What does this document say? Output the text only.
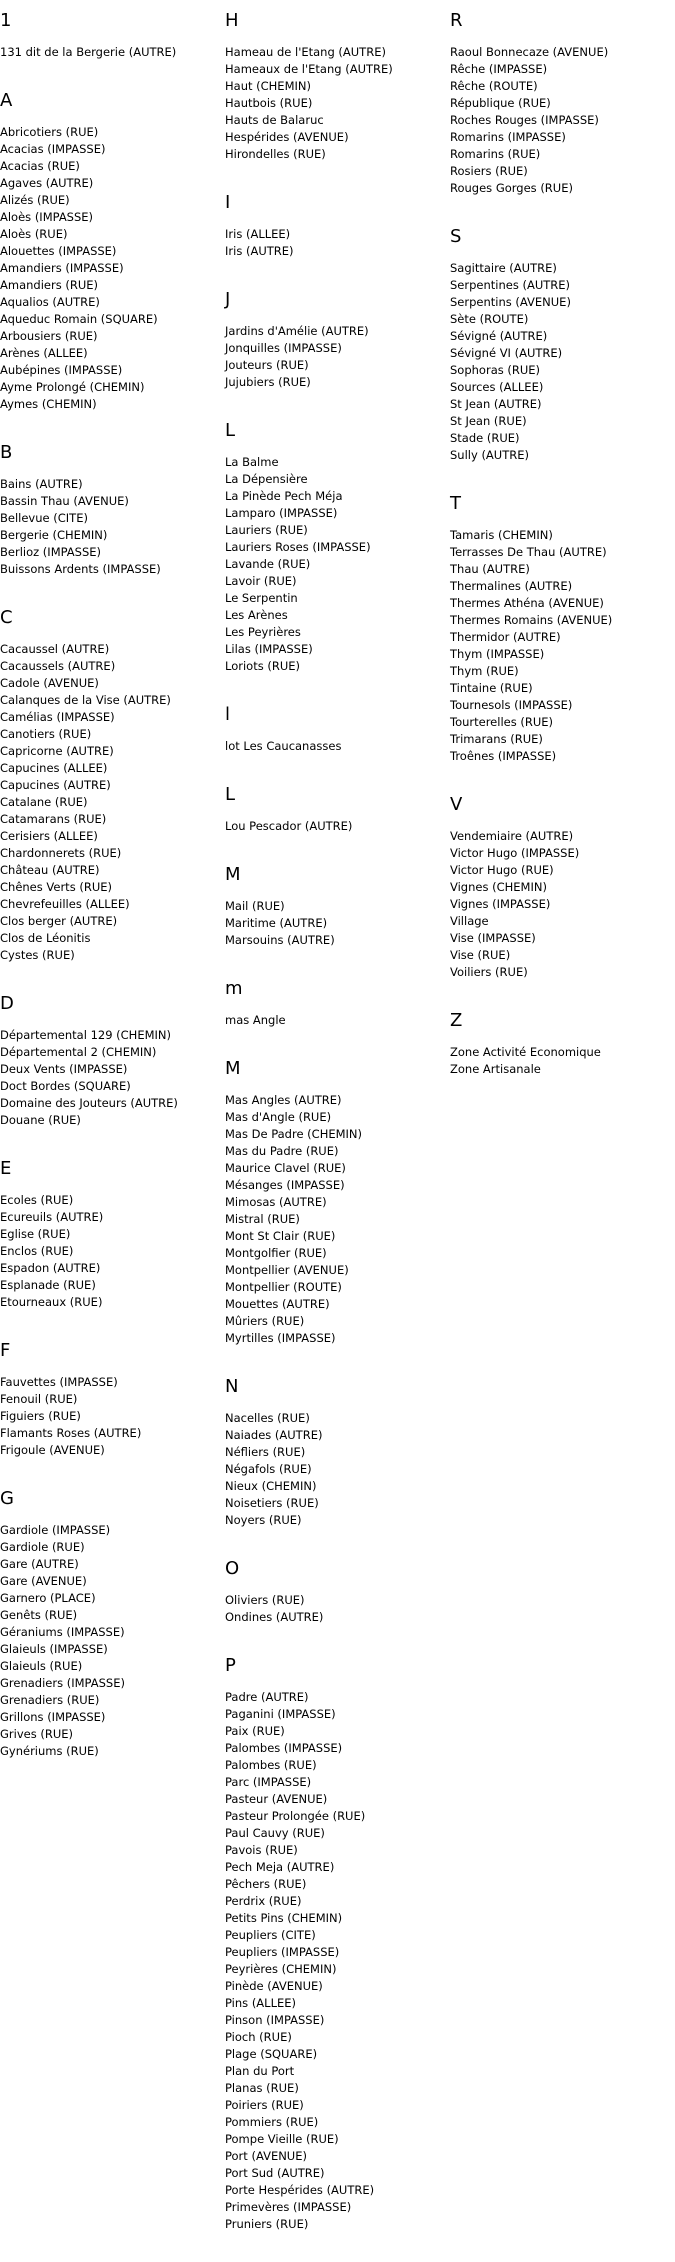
1
131 dit de la Bergerie (AUTRE)
A
Abricotiers (RUE)
Acacias (IMPASSE)
Acacias (RUE)
Agaves (AUTRE)
Alizés (RUE)
Aloès (IMPASSE)
Aloès (RUE)
Alouettes (IMPASSE)
Amandiers (IMPASSE)
Amandiers (RUE)
Aqualios (AUTRE)
Aqueduc Romain (SQUARE)
Arbousiers (RUE)
Arènes (ALLEE)
Aubépines (IMPASSE)
Ayme Prolongé (CHEMIN)
Aymes (CHEMIN)
B
Bains (AUTRE)
Bassin Thau (AVENUE)
Bellevue (CITE)
Bergerie (CHEMIN)
Berlioz (IMPASSE)
Buissons Ardents (IMPASSE)
C
Cacaussel (AUTRE)
Cacaussels (AUTRE)
Cadole (AVENUE)
Calanques de la Vise (AUTRE)
Camélias (IMPASSE)
Canotiers (RUE)
Capricorne (AUTRE)
Capucines (ALLEE)
Capucines (AUTRE)
Catalane (RUE)
Catamarans (RUE)
Cerisiers (ALLEE)
Chardonnerets (RUE)
Château (AUTRE)
Chênes Verts (RUE)
Chevrefeuilles (ALLEE)
Clos berger (AUTRE)
Clos de Léonitis
Cystes (RUE)
D
Départemental 129 (CHEMIN)
Départemental 2 (CHEMIN)
Deux Vents (IMPASSE)
Doct Bordes (SQUARE)
Domaine des Jouteurs (AUTRE)
Douane (RUE)
E
Ecoles (RUE)
Ecureuils (AUTRE)
Eglise (RUE)
Enclos (RUE)
Espadon (AUTRE)
Esplanade (RUE)
Etourneaux (RUE)
F
Fauvettes (IMPASSE)
Fenouil (RUE)
Figuiers (RUE)
Flamants Roses (AUTRE)
Frigoule (AVENUE)
G
Gardiole (IMPASSE)
Gardiole (RUE)
Gare (AUTRE)
Gare (AVENUE)
Garnero (PLACE)
Genêts (RUE)
Géraniums (IMPASSE)
Glaieuls (IMPASSE)
Glaieuls (RUE)
Grenadiers (IMPASSE)
Grenadiers (RUE)
Grillons (IMPASSE)
Grives (RUE)
Gynériums (RUE)
H
Hameau de l'Etang (AUTRE)
Hameaux de l'Etang (AUTRE)
Haut (CHEMIN)
Hautbois (RUE)
Hauts de Balaruc
Hespérides (AVENUE)
Hirondelles (RUE)
I
Iris (ALLEE)
Iris (AUTRE)
J
Jardins d'Amélie (AUTRE)
Jonquilles (IMPASSE)
Jouteurs (RUE)
Jujubiers (RUE)
L
La Balme
La Dépensière
La Pinède Pech Méja
Lamparo (IMPASSE)
Lauriers (RUE)
Lauriers Roses (IMPASSE)
Lavande (RUE)
Lavoir (RUE)
Le Serpentin
Les Arènes
Les Peyrières
Lilas (IMPASSE)
Loriots (RUE)
l
lot Les Caucanasses
L
Lou Pescador (AUTRE)
M
Mail (RUE)
Maritime (AUTRE)
Marsouins (AUTRE)
m
mas Angle
M
Mas Angles (AUTRE)
Mas d'Angle (RUE)
Mas De Padre (CHEMIN)
Mas du Padre (RUE)
Maurice Clavel (RUE)
Mésanges (IMPASSE)
Mimosas (AUTRE)
Mistral (RUE)
Mont St Clair (RUE)
Montgolfier (RUE)
Montpellier (AVENUE)
Montpellier (ROUTE)
Mouettes (AUTRE)
Mûriers (RUE)
Myrtilles (IMPASSE)
N
Nacelles (RUE)
Naiades (AUTRE)
Néfliers (RUE)
Négafols (RUE)
Nieux (CHEMIN)
Noisetiers (RUE)
Noyers (RUE)
O
Oliviers (RUE)
Ondines (AUTRE)
P
Padre (AUTRE)
Paganini (IMPASSE)
Paix (RUE)
Palombes (IMPASSE)
Palombes (RUE)
Parc (IMPASSE)
Pasteur (AVENUE)
Pasteur Prolongée (RUE)
Paul Cauvy (RUE)
Pavois (RUE)
Pech Meja (AUTRE)
Pêchers (RUE)
Perdrix (RUE)
Petits Pins (CHEMIN)
Peupliers (CITE)
Peupliers (IMPASSE)
Peyrières (CHEMIN)
Pinède (AVENUE)
Pins (ALLEE)
Pinson (IMPASSE)
Pioch (RUE)
Plage (SQUARE)
Plan du Port
Planas (RUE)
Poiriers (RUE)
Pommiers (RUE)
Pompe Vieille (RUE)
Port (AVENUE)
Port Sud (AUTRE)
Porte Hespérides (AUTRE)
Primevères (IMPASSE)
Pruniers (RUE)
R
Raoul Bonnecaze (AVENUE)
Rêche (IMPASSE)
Rêche (ROUTE)
République (RUE)
Roches Rouges (IMPASSE)
Romarins (IMPASSE)
Romarins (RUE)
Rosiers (RUE)
Rouges Gorges (RUE)
S
Sagittaire (AUTRE)
Serpentines (AUTRE)
Serpentins (AVENUE)
Sète (ROUTE)
Sévigné (AUTRE)
Sévigné VI (AUTRE)
Sophoras (RUE)
Sources (ALLEE)
St Jean (AUTRE)
St Jean (RUE)
Stade (RUE)
Sully (AUTRE)
T
Tamaris (CHEMIN)
Terrasses De Thau (AUTRE)
Thau (AUTRE)
Thermalines (AUTRE)
Thermes Athéna (AVENUE)
Thermes Romains (AVENUE)
Thermidor (AUTRE)
Thym (IMPASSE)
Thym (RUE)
Tintaine (RUE)
Tournesols (IMPASSE)
Tourterelles (RUE)
Trimarans (RUE)
Troênes (IMPASSE)
V
Vendemiaire (AUTRE)
Victor Hugo (IMPASSE)
Victor Hugo (RUE)
Vignes (CHEMIN)
Vignes (IMPASSE)
Village
Vise (IMPASSE)
Vise (RUE)
Voiliers (RUE)
Z
Zone Activité Economique
Zone Artisanale
